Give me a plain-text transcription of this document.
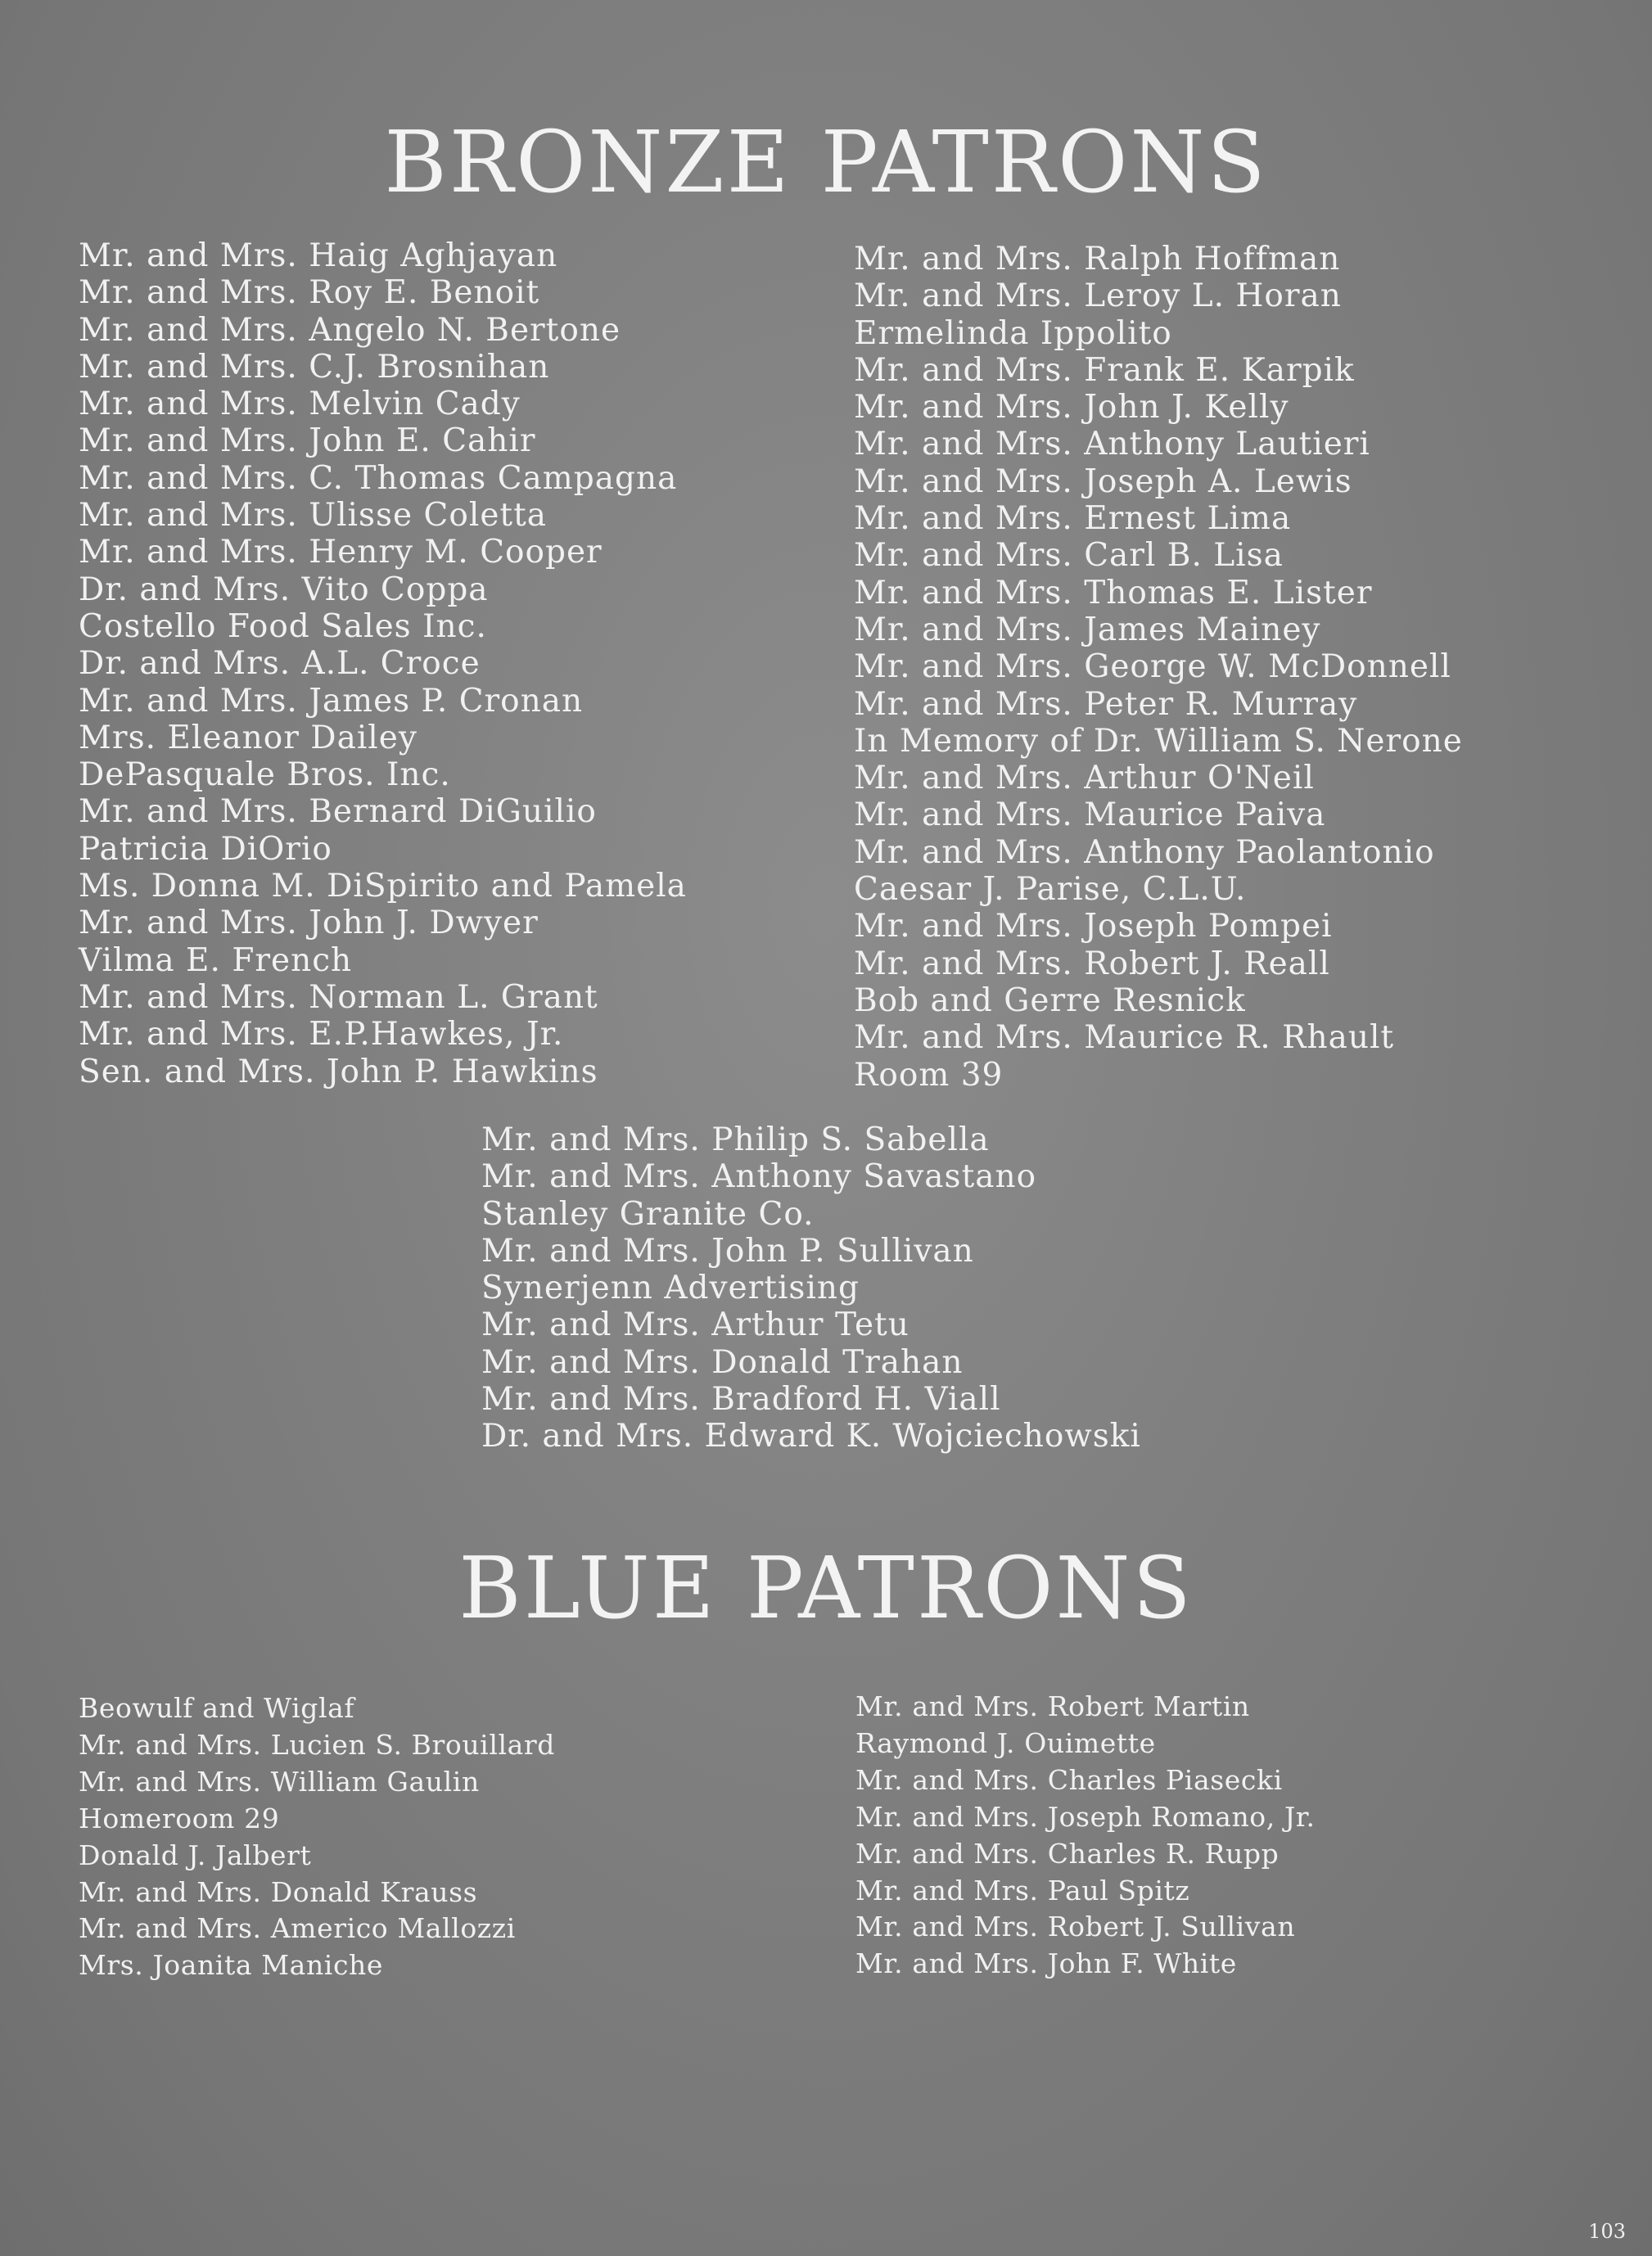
BRONZE PATRONS
Mr. and Mrs. Haig Aghjayan
Mr. and Mrs. Roy E. Benoit
Mr. and Mrs. Angelo N. Bertone
Mr. and Mrs. C.J. Brosnihan
Mr. and Mrs. Melvin Cady
Mr. and Mrs. John E. Cahir
Mr. and Mrs. C. Thomas Campagna
Mr. and Mrs. Ulisse Coletta
Mr. and Mrs. Henry M. Cooper
Dr. and Mrs. Vito Coppa
Costello Food Sales Inc.
Dr. and Mrs. A.L. Croce
Mr. and Mrs. James P. Cronan
Mrs. Eleanor Dailey
DePasquale Bros. Inc.
Mr. and Mrs. Bernard DiGuilio
Patricia DiOrio
Ms. Donna M. DiSpirito and Pamela
Mr. and Mrs. John J. Dwyer
Vilma E. French
Mr. and Mrs. Norman L. Grant
Mr. and Mrs. E.P.Hawkes, Jr.
Sen. and Mrs. John P. Hawkins
Mr. and Mrs. Ralph Hoffman
Mr. and Mrs. Leroy L. Horan
Ermelinda Ippolito
Mr. and Mrs. Frank E. Karpik
Mr. and Mrs. John J. Kelly
Mr. and Mrs. Anthony Lautieri
Mr. and Mrs. Joseph A. Lewis
Mr. and Mrs. Ernest Lima
Mr. and Mrs. Carl B. Lisa
Mr. and Mrs. Thomas E. Lister
Mr. and Mrs. James Mainey
Mr. and Mrs. George W. McDonnell
Mr. and Mrs. Peter R. Murray
In Memory of Dr. William S. Nerone
Mr. and Mrs. Arthur O'Neil
Mr. and Mrs. Maurice Paiva
Mr. and Mrs. Anthony Paolantonio
Caesar J. Parise, C.L.U.
Mr. and Mrs. Joseph Pompei
Mr. and Mrs. Robert J. Reall
Bob and Gerre Resnick
Mr. and Mrs. Maurice R. Rhault
Room 39
Mr. and Mrs. Philip S. Sabella
Mr. and Mrs. Anthony Savastano
Stanley Granite Co.
Mr. and Mrs. John P. Sullivan
Synerjenn Advertising
Mr. and Mrs. Arthur Tetu
Mr. and Mrs. Donald Trahan
Mr. and Mrs. Bradford H. Viall
Dr. and Mrs. Edward K. Wojciechowski
BLUE PATRONS
Beowulf and Wiglaf
Mr. and Mrs. Lucien S. Brouillard
Mr. and Mrs. William Gaulin
Homeroom 29
Donald J. Jalbert
Mr. and Mrs. Donald Krauss
Mr. and Mrs. Americo Mallozzi
Mrs. Joanita Maniche
Mr. and Mrs. Robert Martin
Raymond J. Ouimette
Mr. and Mrs. Charles Piasecki
Mr. and Mrs. Joseph Romano, Jr.
Mr. and Mrs. Charles R. Rupp
Mr. and Mrs. Paul Spitz
Mr. and Mrs. Robert J. Sullivan
Mr. and Mrs. John F. White
103
